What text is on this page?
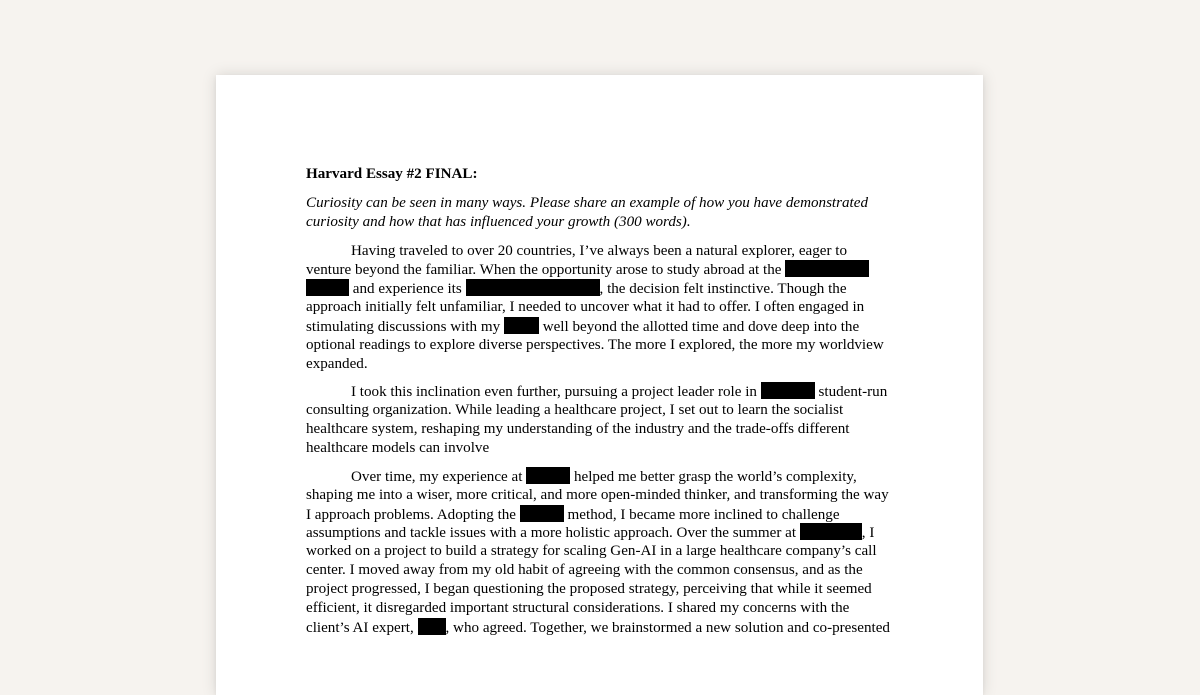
Harvard Essay #2 FINAL:
Curiosity can be seen in many ways. Please share an example of how you have demonstrated
curiosity and how that has influenced your growth (300 words).
Having traveled to over 20 countries, I’ve always been a natural explorer, eager to
venture beyond the familiar. When the opportunity arose to study abroad at the
and experience its	, the decision felt instinctive. Though the
approach initially felt unfamiliar, I needed to uncover what it had to offer. I often engaged in
stimulating discussions with my  well beyond the allotted time and dove deep into the
optional readings to explore diverse perspectives. The more I explored, the more my worldview
expanded.
I took this inclination even further, pursuing a project leader role in	student-run
consulting organization. While leading a healthcare project, I set out to learn the socialist
healthcare system, reshaping my understanding of the industry and the trade-offs different
healthcare models can involve
Over time, my experience at	helped me better grasp the world’s complexity,
shaping me into a wiser, more critical, and more open-minded thinker, and transforming the way
I approach problems. Adopting the	method, I became more inclined to challenge
assumptions and tackle issues with a more holistic approach. Over the summer at	, I
worked on a project to build a strategy for scaling Gen-AI in a large healthcare company’s call
center. I moved away from my old habit of agreeing with the common consensus, and as the
project progressed, I began questioning the proposed strategy, perceiving that while it seemed
efficient, it disregarded important structural considerations. I shared my concerns with the
client’s AI expert, , who agreed. Together, we brainstormed a new solution and co-presented
